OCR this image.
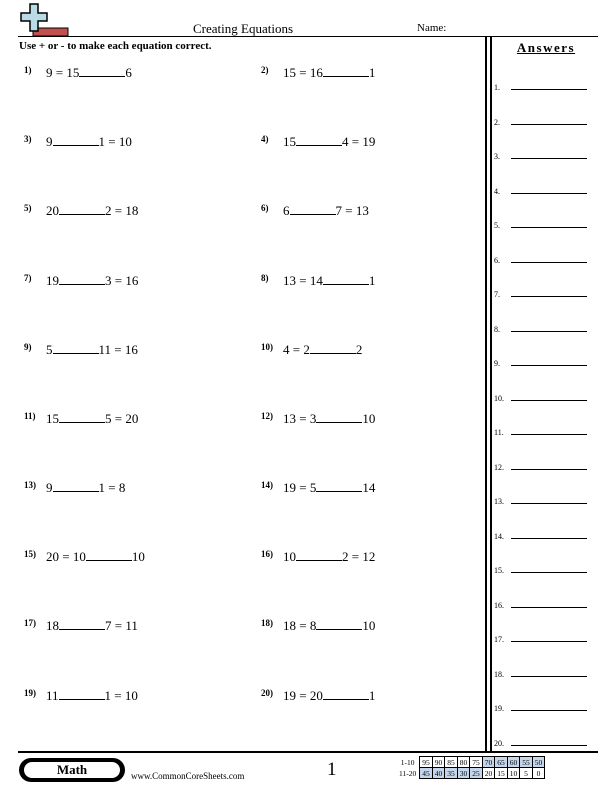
Creating Equations	Name:
Use + or - to make each equation correct.	Answers
1) 9 = 15	6	2) 15 = 16	1
3) 9	1 = 10	4) 15	4 = 19
5) 20	2 = 18	6) 6	7 = 13
7) 19	3 = 16	8) 13 = 14	1
9) 5	11 = 16	10) 4 = 2	2
11) 15	5 = 20	12) 13 = 3	10
13) 9	1 = 8	14) 19 = 5	14
15) 20 = 10	10	16) 10	2 = 12
17) 18	7 = 11	18) 18 = 8	10
19) 11	1 = 10	20) 19 = 20	1
1.
2.
3.
4.
5.
6.
7.
8.
9.
10.
11.
12.
13.
14.
15.
16.
17.
18.
19.
20.
Math	www.CommonCoreSheets.com	1	1-10	95	90	85	80	75	70	65	60	55	50
11-20	45	40	35	30	25	20	15	10	5	0
